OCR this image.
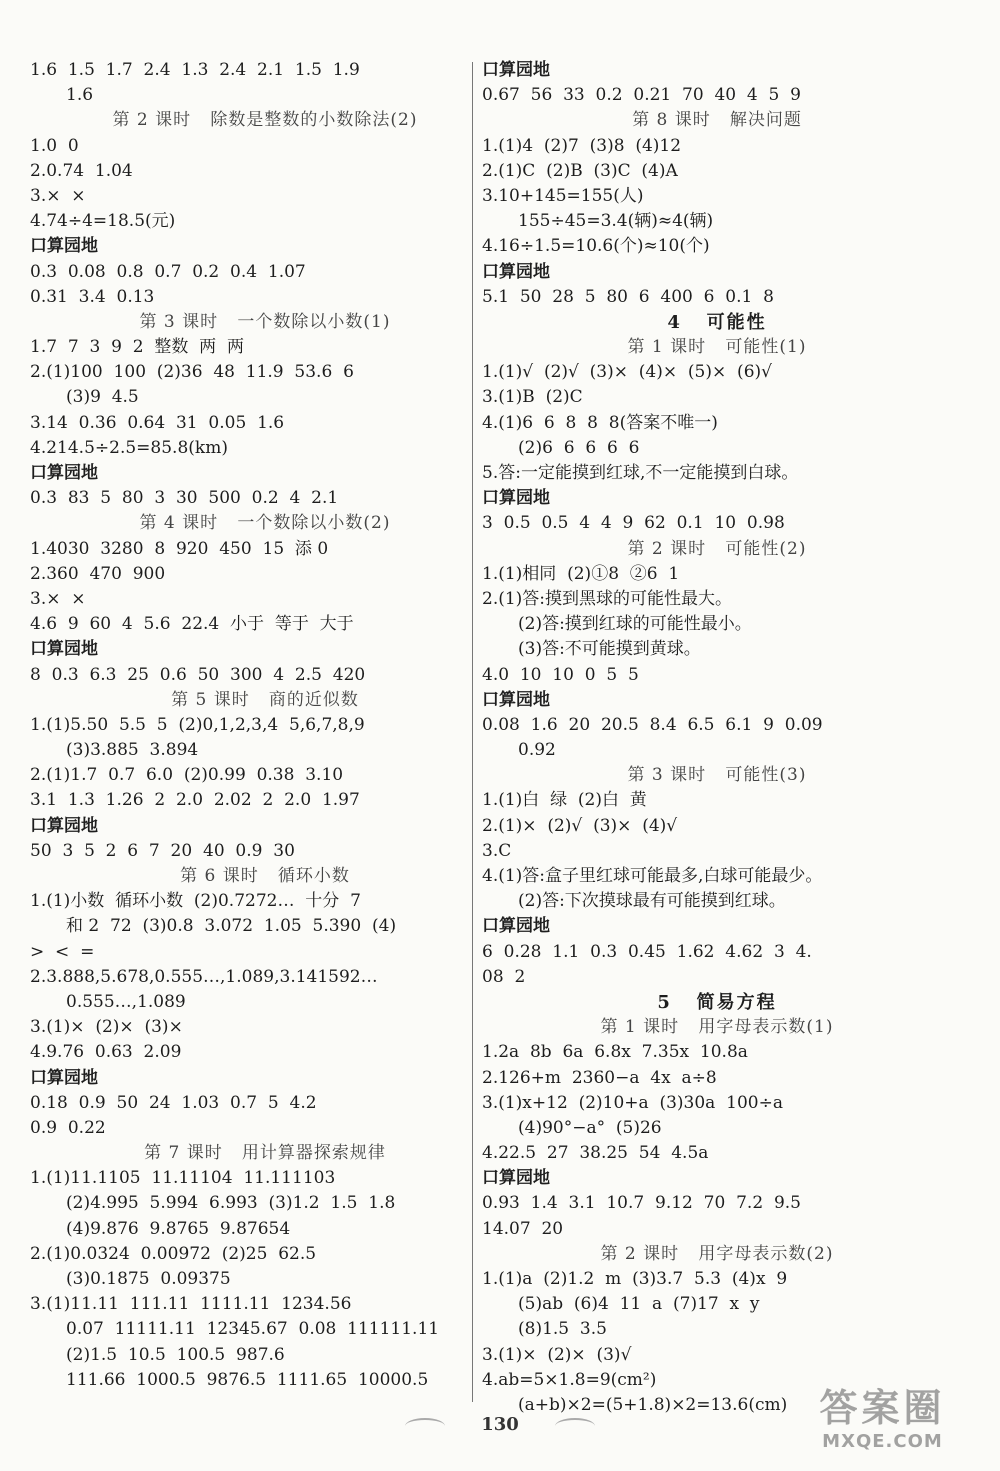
1.6  1.5  1.7  2.4  1.3  2.4  2.1  1.5  1.9
1.6
第 2 课时   除数是整数的小数除法(2)
1.0  0
2.0.74  1.04
3.×  ×
4.74÷4=18.5(元)
口算园地
0.3  0.08  0.8  0.7  0.2  0.4  1.07
0.31  3.4  0.13
第 3 课时   一个数除以小数(1)
1.7  7  3  9  2  整数  两  两
2.(1)100  100  (2)36  48  11.9  53.6  6
(3)9  4.5
3.14  0.36  0.64  31  0.05  1.6
4.214.5÷2.5=85.8(km)
口算园地
0.3  83  5  80  3  30  500  0.2  4  2.1
第 4 课时   一个数除以小数(2)
1.4030  3280  8  920  450  15  添 0
2.360  470  900
3.×  ×
4.6  9  60  4  5.6  22.4  小于  等于  大于
口算园地
8  0.3  6.3  25  0.6  50  300  4  2.5  420
第 5 课时   商的近似数
1.(1)5.50  5.5  5  (2)0,1,2,3,4  5,6,7,8,9
(3)3.885  3.894
2.(1)1.7  0.7  6.0  (2)0.99  0.38  3.10
3.1  1.3  1.26  2  2.0  2.02  2  2.0  1.97
口算园地
50  3  5  2  6  7  20  40  0.9  30
第 6 课时   循环小数
1.(1)小数  循环小数  (2)0.7272…  十分  7
和 2  72  (3)0.8  3.072  1.05  5.390  (4)
>  <  =
2.3.888,5.678,0.555…,1.089,3.141592…
0.555…,1.089
3.(1)×  (2)×  (3)×
4.9.76  0.63  2.09
口算园地
0.18  0.9  50  24  1.03  0.7  5  4.2
0.9  0.22
第 7 课时   用计算器探索规律
1.(1)11.1105  11.11104  11.111103
(2)4.995  5.994  6.993  (3)1.2  1.5  1.8
(4)9.876  9.8765  9.87654
2.(1)0.0324  0.00972  (2)25  62.5
(3)0.1875  0.09375
3.(1)11.11  111.11  1111.11  1234.56
0.07  11111.11  12345.67  0.08  111111.11
(2)1.5  10.5  100.5  987.6
111.66  1000.5  9876.5  1111.65  10000.5
口算园地
0.67  56  33  0.2  0.21  70  40  4  5  9
第 8 课时   解决问题
1.(1)4  (2)7  (3)8  (4)12
2.(1)C  (2)B  (3)C  (4)A
3.10+145=155(人)
155÷45=3.4(辆)≈4(辆)
4.16÷1.5=10.6(个)≈10(个)
口算园地
5.1  50  28  5  80  6  400  6  0.1  8
4   可能性
第 1 课时   可能性(1)
1.(1)√  (2)√  (3)×  (4)×  (5)×  (6)√
3.(1)B  (2)C
4.(1)6  6  8  8  8(答案不唯一)
(2)6  6  6  6  6
5.答:一定能摸到红球,不一定能摸到白球。
口算园地
3  0.5  0.5  4  4  9  62  0.1  10  0.98
第 2 课时   可能性(2)
1.(1)相同  (2)①8  ②6  1
2.(1)答:摸到黑球的可能性最大。
(2)答:摸到红球的可能性最小。
(3)答:不可能摸到黄球。
4.0  10  10  0  5  5
口算园地
0.08  1.6  20  20.5  8.4  6.5  6.1  9  0.09
0.92
第 3 课时   可能性(3)
1.(1)白  绿  (2)白  黄
2.(1)×  (2)√  (3)×  (4)√
3.C
4.(1)答:盒子里红球可能最多,白球可能最少。
(2)答:下次摸球最有可能摸到红球。
口算园地
6  0.28  1.1  0.3  0.45  1.62  4.62  3  4.
08  2
5   简易方程
第 1 课时   用字母表示数(1)
1.2a  8b  6a  6.8x  7.35x  10.8a
2.126+m  2360−a  4x  a÷8
3.(1)x+12  (2)10+a  (3)30a  100÷a
(4)90°−a°  (5)26
4.22.5  27  38.25  54  4.5a
口算园地
0.93  1.4  3.1  10.7  9.12  70  7.2  9.5
14.07  20
第 2 课时   用字母表示数(2)
1.(1)a  (2)1.2  m  (3)3.7  5.3  (4)x  9
(5)ab  (6)4  11  a  (7)17  x  y
(8)1.5  3.5
3.(1)×  (2)×  (3)√
4.ab=5×1.8=9(cm²)
(a+b)×2=(5+1.8)×2=13.6(cm)
130	答案圈
MXQE.COM
